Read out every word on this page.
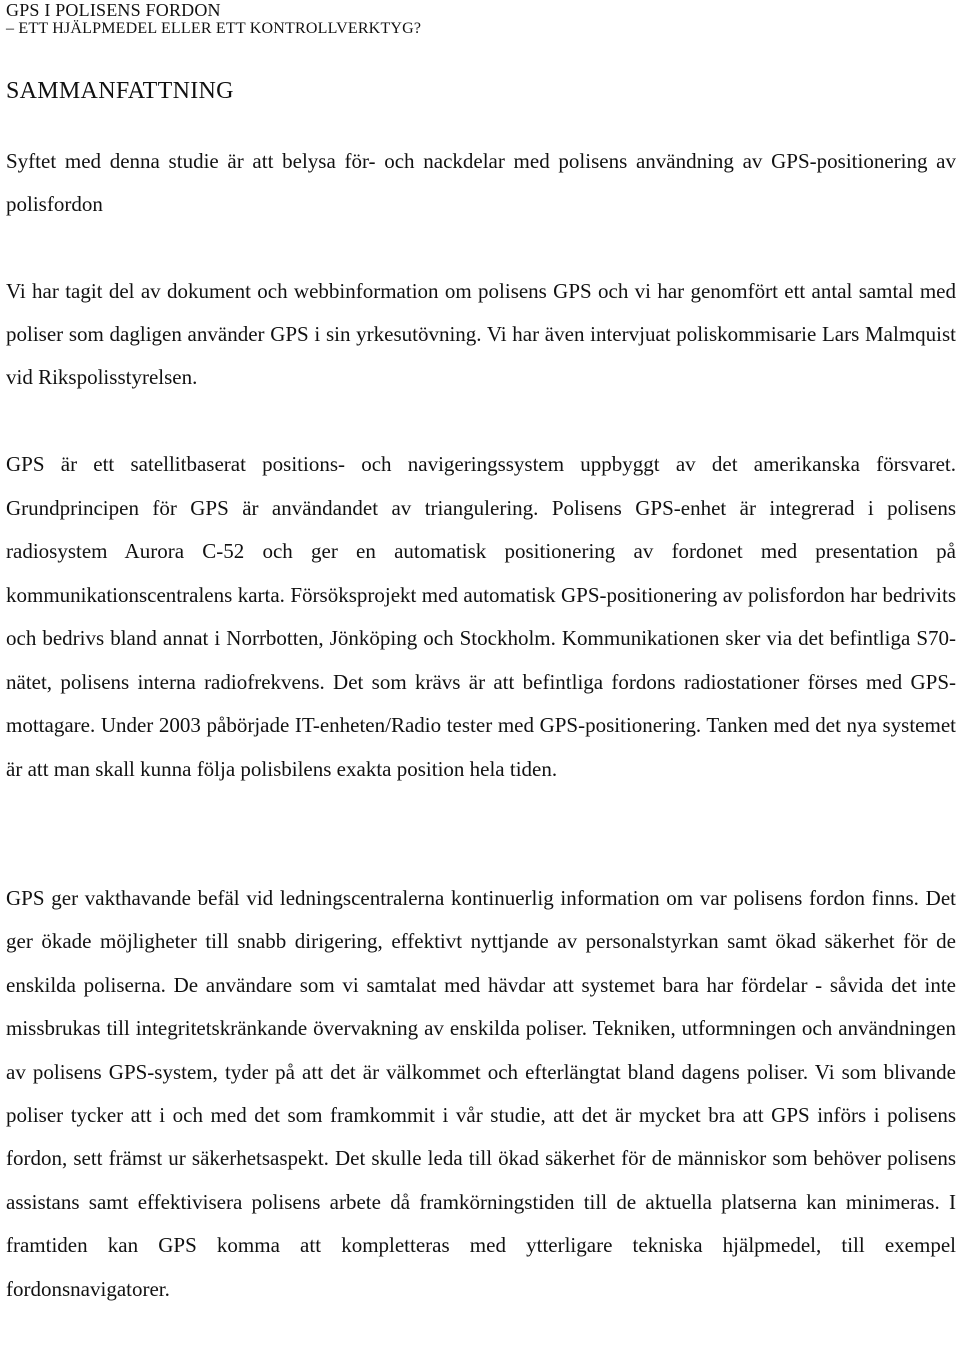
GPS I POLISENS FORDON
– ETT HJÄLPMEDEL ELLER ETT KONTROLLVERKTYG?
SAMMANFATTNING

Syftet med denna studie är att belysa för- och nackdelar med polisens användning av GPS-positionering av polisfordon

Vi har tagit del av dokument och webbinformation om polisens GPS och vi har genomfört ett antal samtal med poliser som dagligen använder GPS i sin yrkesutövning. Vi har även intervjuat poliskommisarie Lars Malmquist vid Rikspolisstyrelsen.

GPS är ett satellitbaserat positions- och navigeringssystem uppbyggt av det amerikanska försvaret. Grundprincipen för GPS är användandet av triangulering. Polisens GPS-enhet är integrerad i polisens radiosystem Aurora C-52 och ger en automatisk positionering av fordonet med presentation på kommunikationscentralens karta. Försöksprojekt med automatisk GPS-positionering av polisfordon har bedrivits och bedrivs bland annat i Norrbotten, Jönköping och Stockholm. Kommunikationen sker via det befintliga S70-nätet, polisens interna radiofrekvens. Det som krävs är att befintliga fordons radiostationer förses med GPS-mottagare. Under 2003 påbörjade IT-enheten/Radio tester med GPS-positionering. Tanken med det nya systemet är att man skall kunna följa polisbilens exakta position hela tiden.

GPS ger vakthavande befäl vid ledningscentralerna kontinuerlig information om var polisens fordon finns. Det ger ökade möjligheter till snabb dirigering, effektivt nyttjande av personalstyrkan samt ökad säkerhet för de enskilda poliserna. De användare som vi samtalat med hävdar att systemet bara har fördelar - såvida det inte missbrukas till integritetskränkande övervakning av enskilda poliser. Tekniken, utformningen och användningen av polisens GPS-system, tyder på att det är välkommet och efterlängtat bland dagens poliser. Vi som blivande poliser tycker att i och med det som framkommit i vår studie, att det är mycket bra att GPS införs i polisens fordon, sett främst ur säkerhetsaspekt. Det skulle leda till ökad säkerhet för de människor som behöver polisens assistans samt effektivisera polisens arbete då framkörningstiden till de aktuella platserna kan minimeras. I framtiden kan GPS komma att kompletteras med ytterligare tekniska hjälpmedel, till exempel fordonsnavigatorer.
